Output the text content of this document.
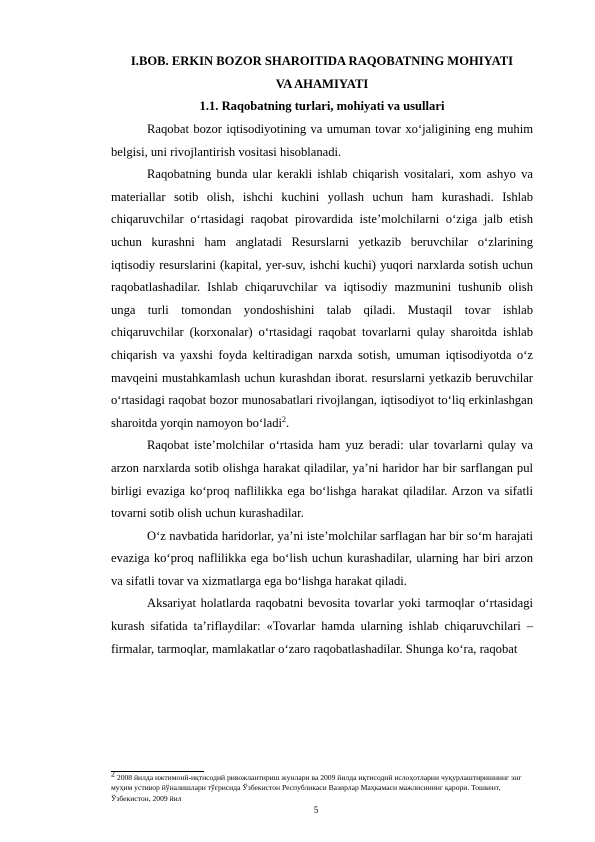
I.BOB. ERKIN BOZOR SHAROITIDA RAQOBATNING MOHIYATI
VA AHAMIYATI
1.1. Raqobatning turlari, mohiyati va usullari

Raqobat bozor iqtisodiyotining va umuman tovar xo‘jaligining eng muhim belgisi, uni rivojlantirish vositasi hisoblanadi.

Raqobatning bunda ular kerakli ishlab chiqarish vositalari, xom ashyo va materiallar sotib olish, ishchi kuchini yollash uchun ham kurashadi. Ishlab chiqaruvchilar o‘rtasidagi raqobat pirovardida iste’molchilarni o‘ziga jalb etish uchun kurashni ham anglatadi Resurslarni yetkazib beruvchilar o‘zlarining iqtisodiy resurslarini (kapital, yer-suv, ishchi kuchi) yuqori narxlarda sotish uchun raqobatlashadilar. Ishlab chiqaruvchilar va iqtisodiy mazmunini tushunib olish unga turli tomondan yondoshishini talab qiladi. Mustaqil tovar ishlab chiqaruvchilar (korxonalar) o‘rtasidagi raqobat tovarlarni qulay sharoitda ishlab chiqarish va yaxshi foyda keltiradigan narxda sotish, umuman iqtisodiyotda o‘z mavqeini mustahkamlash uchun kurashdan iborat. resurslarni yetkazib beruvchilar o‘rtasidagi raqobat bozor munosabatlari rivojlangan, iqtisodiyot to‘liq erkinlashgan sharoitda yorqin namoyon bo‘ladi$^2$.

Raqobat iste’molchilar o‘rtasida ham yuz beradi: ular tovarlarni qulay va arzon narxlarda sotib olishga harakat qiladilar, ya’ni haridor har bir sarflangan pul birligi evaziga ko‘proq naflilikka ega bo‘lishga harakat qiladilar. Arzon va sifatli tovarni sotib olish uchun kurashadilar.

O‘z navbatida haridorlar, ya’ni iste’molchilar sarflagan har bir so‘m harajati evaziga ko‘proq naflilikka ega bo‘lish uchun kurashadilar, ularning har biri arzon va sifatli tovar va xizmatlarga ega bo‘lishga harakat qiladi.

Aksariyat holatlarda raqobatni bevosita tovarlar yoki tarmoqlar o‘rtasidagi kurash sifatida ta’riflaydilar: «Tovarlar hamda ularning ishlab chiqaruvchilari – firmalar, tarmoqlar, mamlakatlar o‘zaro raqobatlashadilar. Shunga ko‘ra, raqobat

$^2$ 2008 йилда ижтимоий-иқтисодий ривожлантириш жунлари ва 2009 йилда иқтисодий ислоҳотларни чуқурлаштиришнинг энг муҳим устивор йўналишлари тўғрисида Ўзбекистон Республикаси Вазирлар Маҳкамаси мажлисининг қарори. Тошкент, Ўзбекистон, 2009 йил

5
